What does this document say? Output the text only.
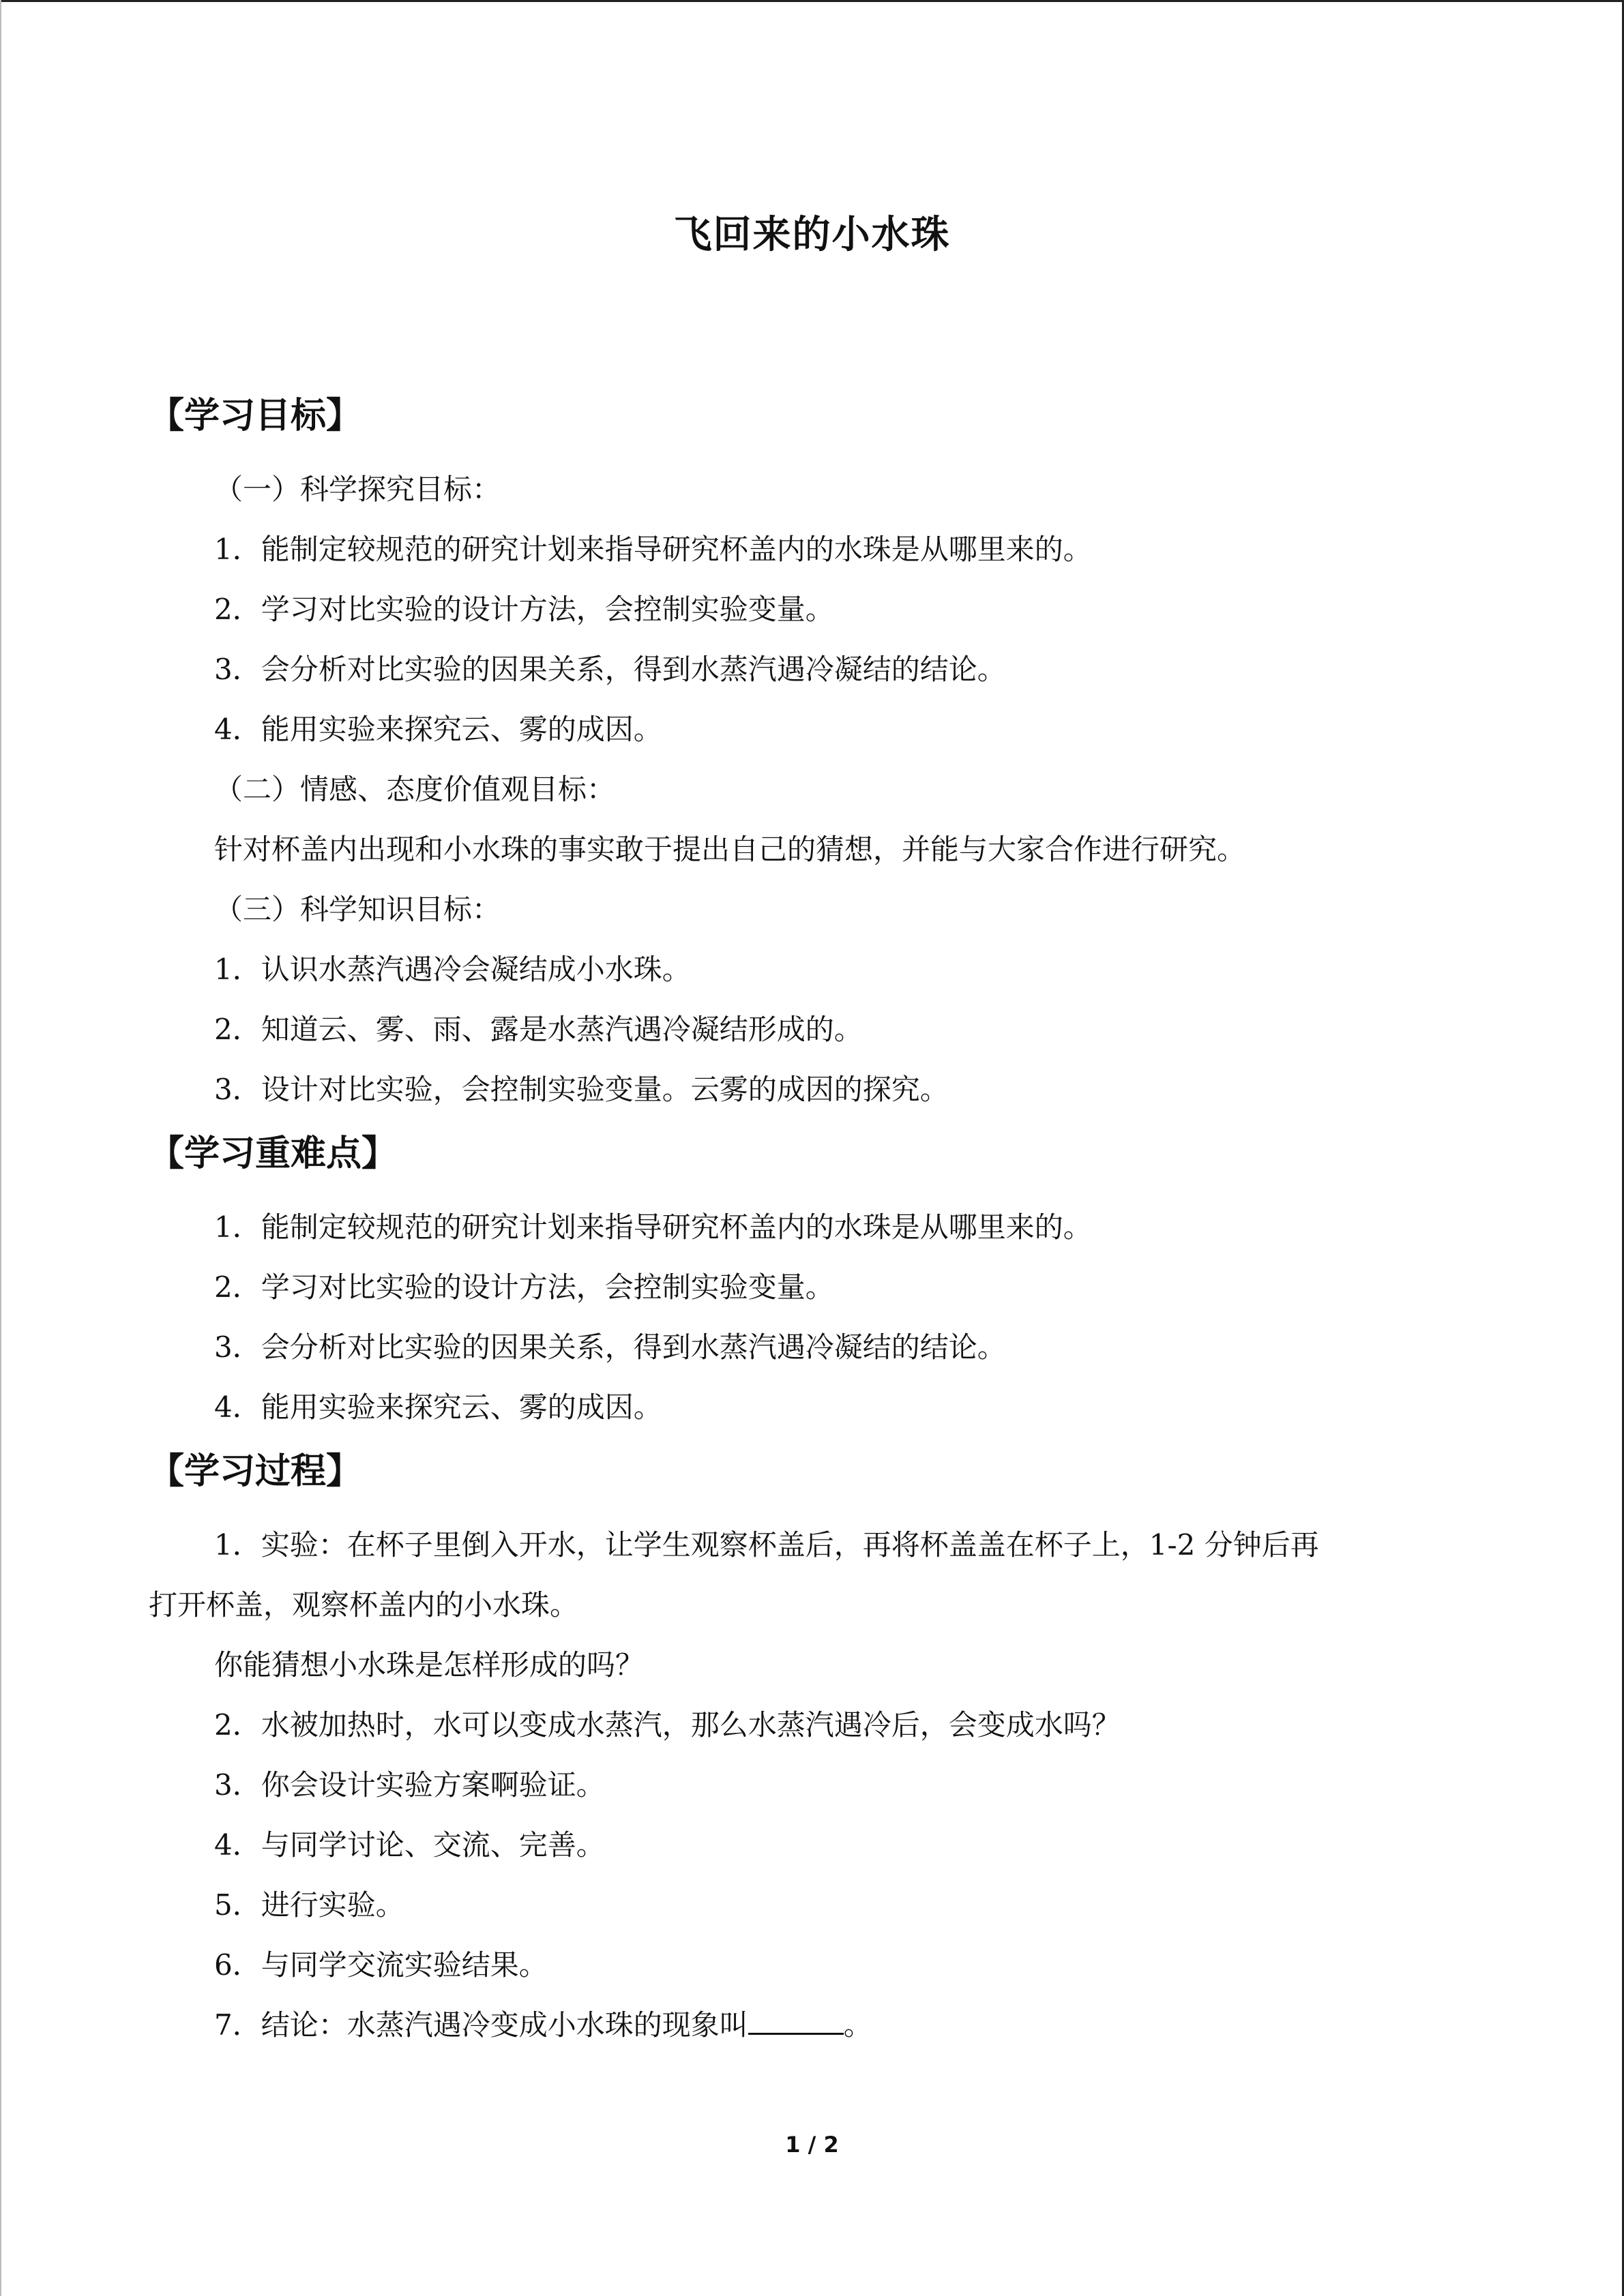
飞回来的小水珠

【学习目标】

（一）科学探究目标：

1．能制定较规范的研究计划来指导研究杯盖内的水珠是从哪里来的。

2．学习对比实验的设计方法，会控制实验变量。

3．会分析对比实验的因果关系，得到水蒸汽遇冷凝结的结论。

4．能用实验来探究云、雾的成因。

（二）情感、态度价值观目标：

针对杯盖内出现和小水珠的事实敢于提出自己的猜想，并能与大家合作进行研究。

（三）科学知识目标：

1．认识水蒸汽遇冷会凝结成小水珠。

2．知道云、雾、雨、露是水蒸汽遇冷凝结形成的。

3．设计对比实验，会控制实验变量。云雾的成因的探究。

【学习重难点】

1．能制定较规范的研究计划来指导研究杯盖内的水珠是从哪里来的。

2．学习对比实验的设计方法，会控制实验变量。

3．会分析对比实验的因果关系，得到水蒸汽遇冷凝结的结论。

4．能用实验来探究云、雾的成因。

【学习过程】

1．实验：在杯子里倒入开水，让学生观察杯盖后，再将杯盖盖在杯子上，1-2 分钟后再

打开杯盖，观察杯盖内的小水珠。

你能猜想小水珠是怎样形成的吗？

2．水被加热时，水可以变成水蒸汽，那么水蒸汽遇冷后，会变成水吗？

3．你会设计实验方案啊验证。

4．与同学讨论、交流、完善。

5．进行实验。

6．与同学交流实验结果。

7．结论：水蒸汽遇冷变成小水珠的现象叫	。

1 / 2
